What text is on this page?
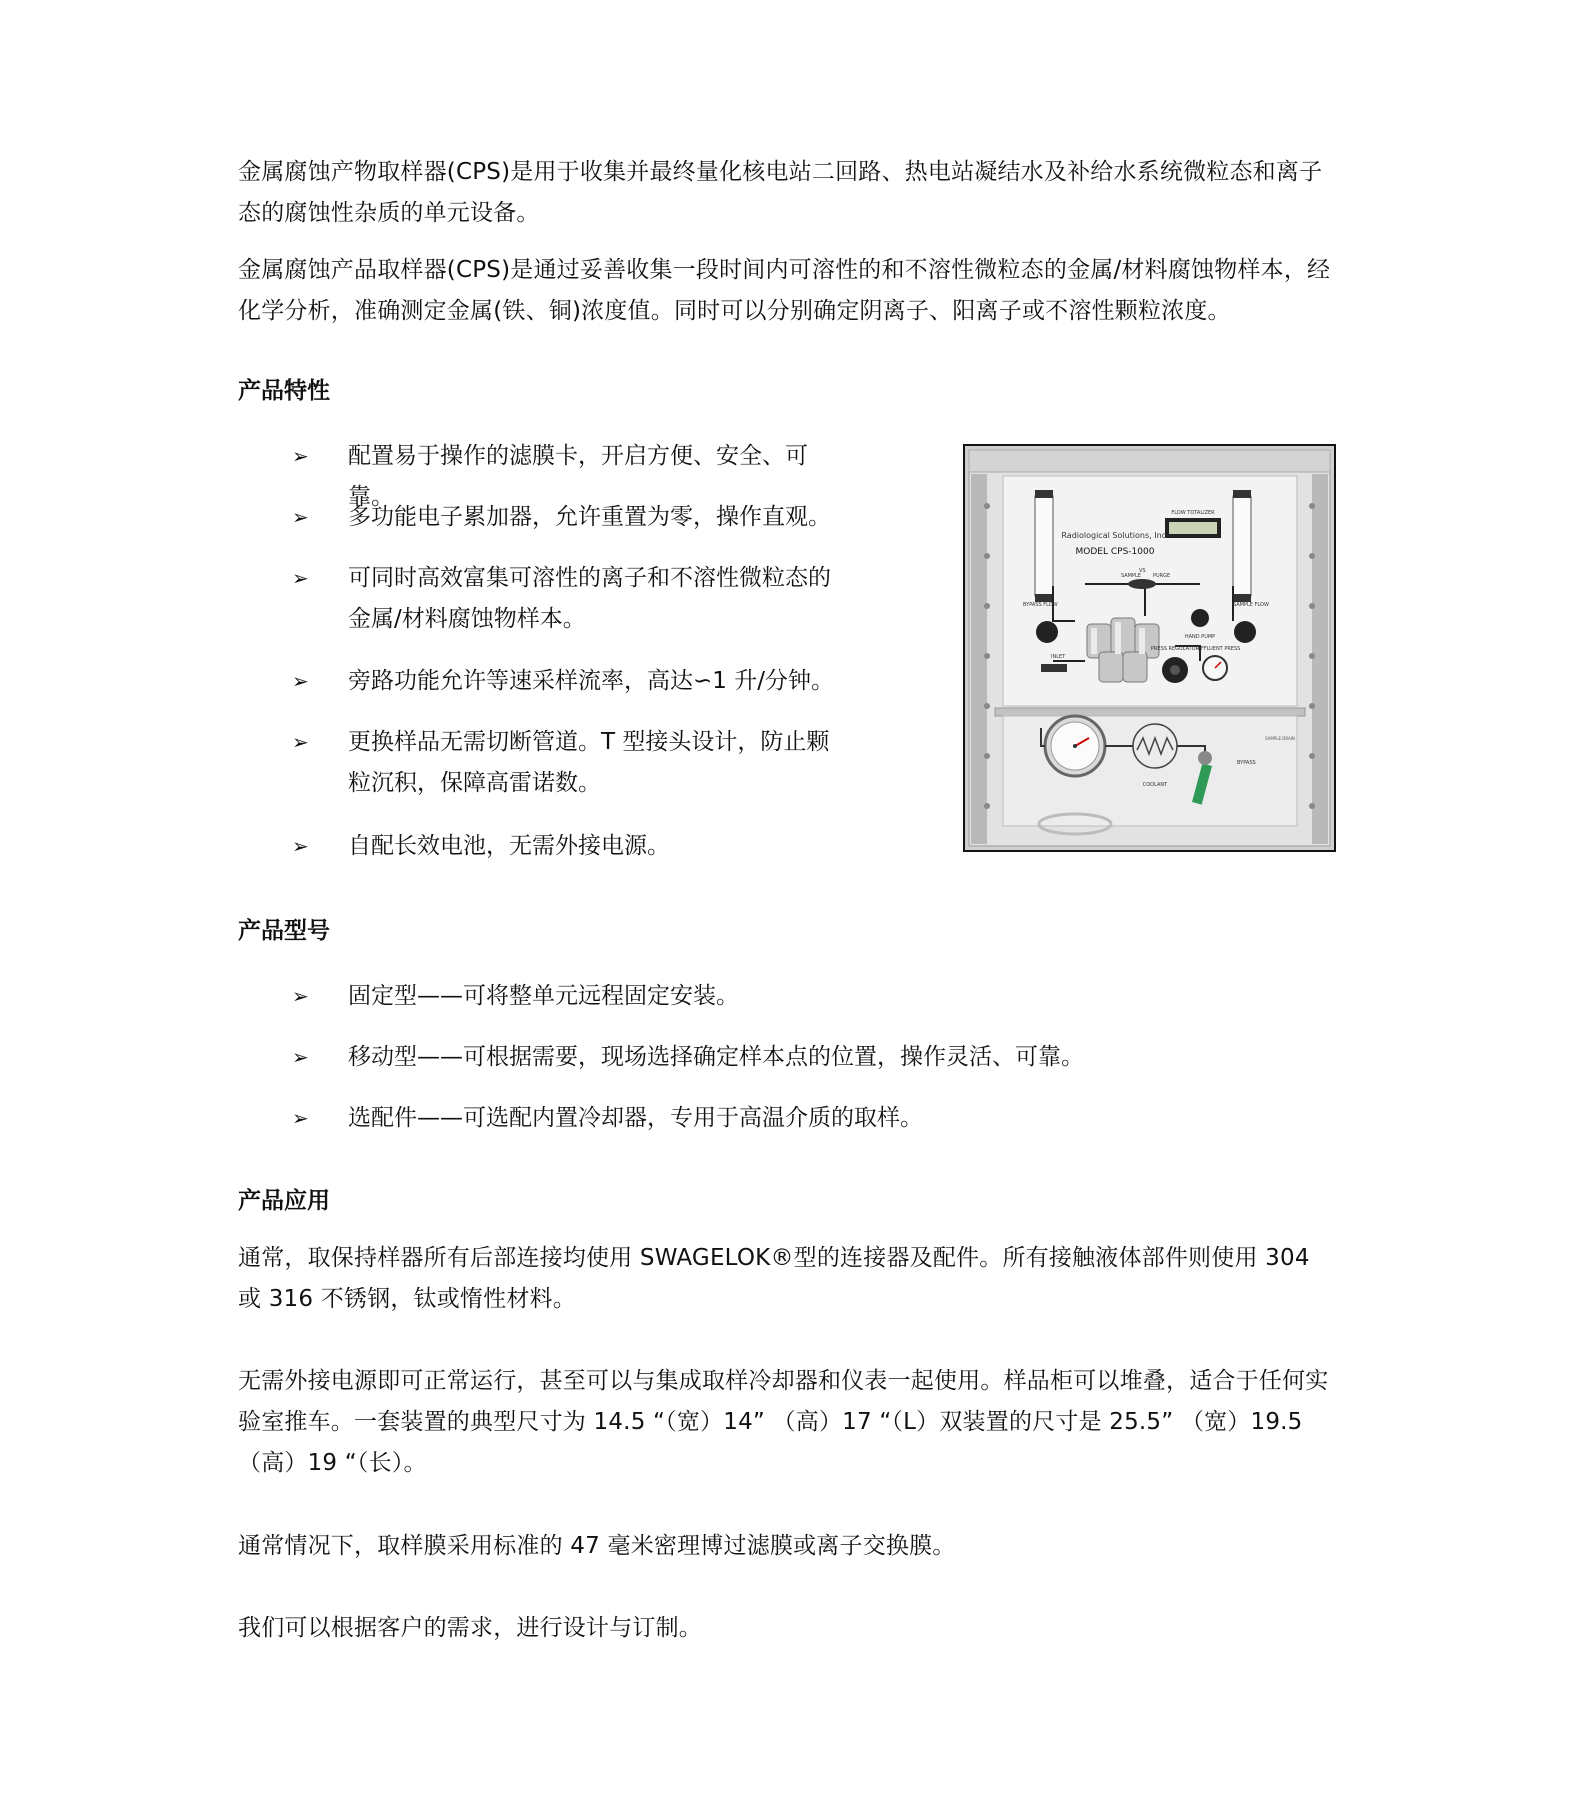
金属腐蚀产物取样器(CPS)是用于收集并最终量化核电站二回路、热电站凝结水及补给水系统微粒态和离子态的腐蚀性杂质的单元设备。

金属腐蚀产品取样器(CPS)是通过妥善收集一段时间内可溶性的和不溶性微粒态的金属/材料腐蚀物样本，经化学分析，准确测定金属(铁、铜)浓度值。同时可以分别确定阴离子、阳离子或不溶性颗粒浓度。

产品特性
➢	配置易于操作的滤膜卡，开启方便、安全、可靠。
➢	多功能电子累加器，允许重置为零，操作直观。
➢	可同时高效富集可溶性的离子和不溶性微粒态的金属/材料腐蚀物样本。
➢	旁路功能允许等速采样流率，高达∽1 升/分钟。
➢	更换样品无需切断管道。T 型接头设计，防止颗粒沉积，保障高雷诺数。
➢	自配长效电池，无需外接电源。
产品型号
➢	固定型——可将整单元远程固定安装。
➢	移动型——可根据需要，现场选择确定样本点的位置，操作灵活、可靠。
➢	选配件——可选配内置冷却器，专用于高温介质的取样。
产品应用

通常，取保持样器所有后部连接均使用 SWAGELOK®型的连接器及配件。所有接触液体部件则使用 304 或 316 不锈钢，钛或惰性材料。

无需外接电源即可正常运行，甚至可以与集成取样冷却器和仪表一起使用。样品柜可以堆叠，适合于任何实验室推车。一套装置的典型尺寸为 14.5 “（宽）14” （高）17 “（L）双装置的尺寸是 25.5” （宽）19.5（高）19 “（长）。

通常情况下，取样膜采用标准的 47 毫米密理博过滤膜或离子交换膜。

我们可以根据客户的需求，进行设计与订制。

Radiological Solutions, Inc.
MODEL CPS-1000
FLOW TOTALIZER
SAMPLE
VS
PURGE
HAND PUMP
BYPASS FLOW	SAMPLE FLOW
INLET
PRESS REGULATOR
EFFLUENT PRESS
COOLANT
BYPASS
SAMPLE DRAIN
